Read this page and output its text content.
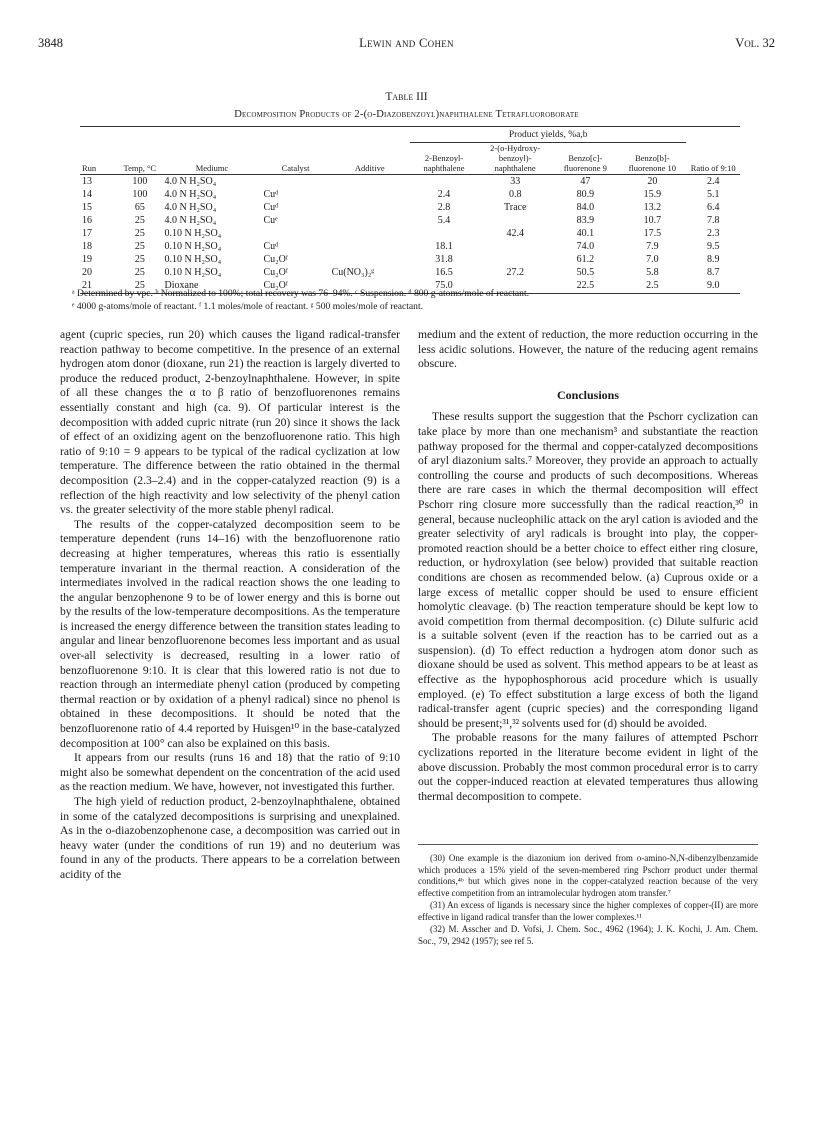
3848	Lewin and Cohen	Vol. 32
Table III
Decomposition Products of 2-(o-Diazobenzoyl)naphthalene Tetrafluoroborate

					Product yields, %a,b				
Run	Temp, °C	Mediumc	Catalyst	Additive	2-Benzoyl-naphthalene	2-(o-Hydroxy-benzoyl)-naphthalene	Benzo[c]-fluorenone 9	Benzo[b]-fluorenone 10	Ratio of 9:10
13	100	4.0 N H₂SO₄				33	47	20	2.4
14	100	4.0 N H₂SO₄	Cuᵈ		2.4	0.8	80.9	15.9	5.1
15	65	4.0 N H₂SO₄	Cuᵈ		2.8	Trace	84.0	13.2	6.4
16	25	4.0 N H₂SO₄	Cuᵉ		5.4		83.9	10.7	7.8
17	25	0.10 N H₂SO₄				42.4	40.1	17.5	2.3
18	25	0.10 N H₂SO₄	Cuᵈ		18.1		74.0	7.9	9.5
19	25	0.10 N H₂SO₄	Cu₂Oᶠ		31.8		61.2	7.0	8.9
20	25	0.10 N H₂SO₄	Cu₂Oᶠ	Cu(NO₃)₂ᵍ	16.5	27.2	50.5	5.8	8.7
21	25	Dioxane	Cu₂Oᶠ		75.0		22.5	2.5	9.0
ᵃ Determined by vpc. ᵇ Normalized to 100%; total recovery was 76–94%. ᶜ Suspension. ᵈ 800 g-atoms/mole of reactant.
ᵉ 4000 g-atoms/mole of reactant. ᶠ 1.1 moles/mole of reactant. ᵍ 500 moles/mole of reactant.

agent (cupric species, run 20) which causes the ligand radical-transfer reaction pathway to become competitive. In the presence of an external hydrogen atom donor (dioxane, run 21) the reaction is largely diverted to produce the reduced product, 2-benzoylnaphthalene. However, in spite of all these changes the α to β ratio of benzofluorenones remains essentially constant and high (ca. 9). Of particular interest is the decomposition with added cupric nitrate (run 20) since it shows the lack of effect of an oxidizing agent on the benzofluorenone ratio. This high ratio of 9:10 = 9 appears to be typical of the radical cyclization at low temperature. The difference between the ratio obtained in the thermal decomposition (2.3–2.4) and in the copper-catalyzed reaction (9) is a reflection of the high reactivity and low selectivity of the phenyl cation vs. the greater selectivity of the more stable phenyl radical.

The results of the copper-catalyzed decomposition seem to be temperature dependent (runs 14–16) with the benzofluorenone ratio decreasing at higher temperatures, whereas this ratio is essentially temperature invariant in the thermal reaction. A consideration of the intermediates involved in the radical reaction shows the one leading to the angular benzophenone 9 to be of lower energy and this is borne out by the results of the low-temperature decompositions. As the temperature is increased the energy difference between the transition states leading to angular and linear benzofluorenone becomes less important and as usual over-all selectivity is decreased, resulting in a lower ratio of benzofluorenone 9:10. It is clear that this lowered ratio is not due to reaction through an intermediate phenyl cation (produced by competing thermal reaction or by oxidation of a phenyl radical) since no phenol is obtained in these decompositions. It should be noted that the benzofluorenone ratio of 4.4 reported by Huisgen¹⁰ in the base-catalyzed decomposition at 100° can also be explained on this basis.

It appears from our results (runs 16 and 18) that the ratio of 9:10 might also be somewhat dependent on the concentration of the acid used as the reaction medium. We have, however, not investigated this further.

The high yield of reduction product, 2-benzoylnaphthalene, obtained in some of the catalyzed decompositions is surprising and unexplained. As in the o-diazobenzophenone case, a decomposition was carried out in heavy water (under the conditions of run 19) and no deuterium was found in any of the products. There appears to be a correlation between acidity of the

medium and the extent of reduction, the more reduction occurring in the less acidic solutions. However, the nature of the reducing agent remains obscure.

Conclusions

These results support the suggestion that the Pschorr cyclization can take place by more than one mechanism³ and substantiate the reaction pathway proposed for the thermal and copper-catalyzed decompositions of aryl diazonium salts.⁷ Moreover, they provide an approach to actually controlling the course and products of such decompositions. Whereas there are rare cases in which the thermal decomposition will effect Pschorr ring closure more successfully than the radical reaction,³⁰ in general, because nucleophilic attack on the aryl cation is avioded and the greater selectivity of aryl radicals is brought into play, the copper-promoted reaction should be a better choice to effect either ring closure, reduction, or hydroxylation (see below) provided that suitable reaction conditions are chosen as recommended below. (a) Cuprous oxide or a large excess of metallic copper should be used to ensure efficient homolytic cleavage. (b) The reaction temperature should be kept low to avoid competition from thermal decomposition. (c) Dilute sulfuric acid is a suitable solvent (even if the reaction has to be carried out as a suspension). (d) To effect reduction a hydrogen atom donor such as dioxane should be used as solvent. This method appears to be at least as effective as the hypophosphorous acid procedure which is usually employed. (e) To effect substitution a large excess of both the ligand radical-transfer agent (cupric species) and the corresponding ligand should be present;³¹,³² solvents used for (d) should be avoided.

The probable reasons for the many failures of attempted Pschorr cyclizations reported in the literature become evident in light of the above discussion. Probably the most common procedural error is to carry out the copper-induced reaction at elevated temperatures thus allowing thermal decomposition to compete.

(30) One example is the diazonium ion derived from o-amino-N,N-dibenzylbenzamide which produces a 15% yield of the seven-membered ring Pschorr product under thermal conditions,⁴ᵇ but which gives none in the copper-catalyzed reaction because of the very effective competition from an intramolecular hydrogen atom transfer.⁷

(31) An excess of ligands is necessary since the higher complexes of copper-(II) are more effective in ligand radical transfer than the lower complexes.¹¹

(32) M. Asscher and D. Vofsi, J. Chem. Soc., 4962 (1964); J. K. Kochi, J. Am. Chem. Soc., 79, 2942 (1957); see ref 5.
